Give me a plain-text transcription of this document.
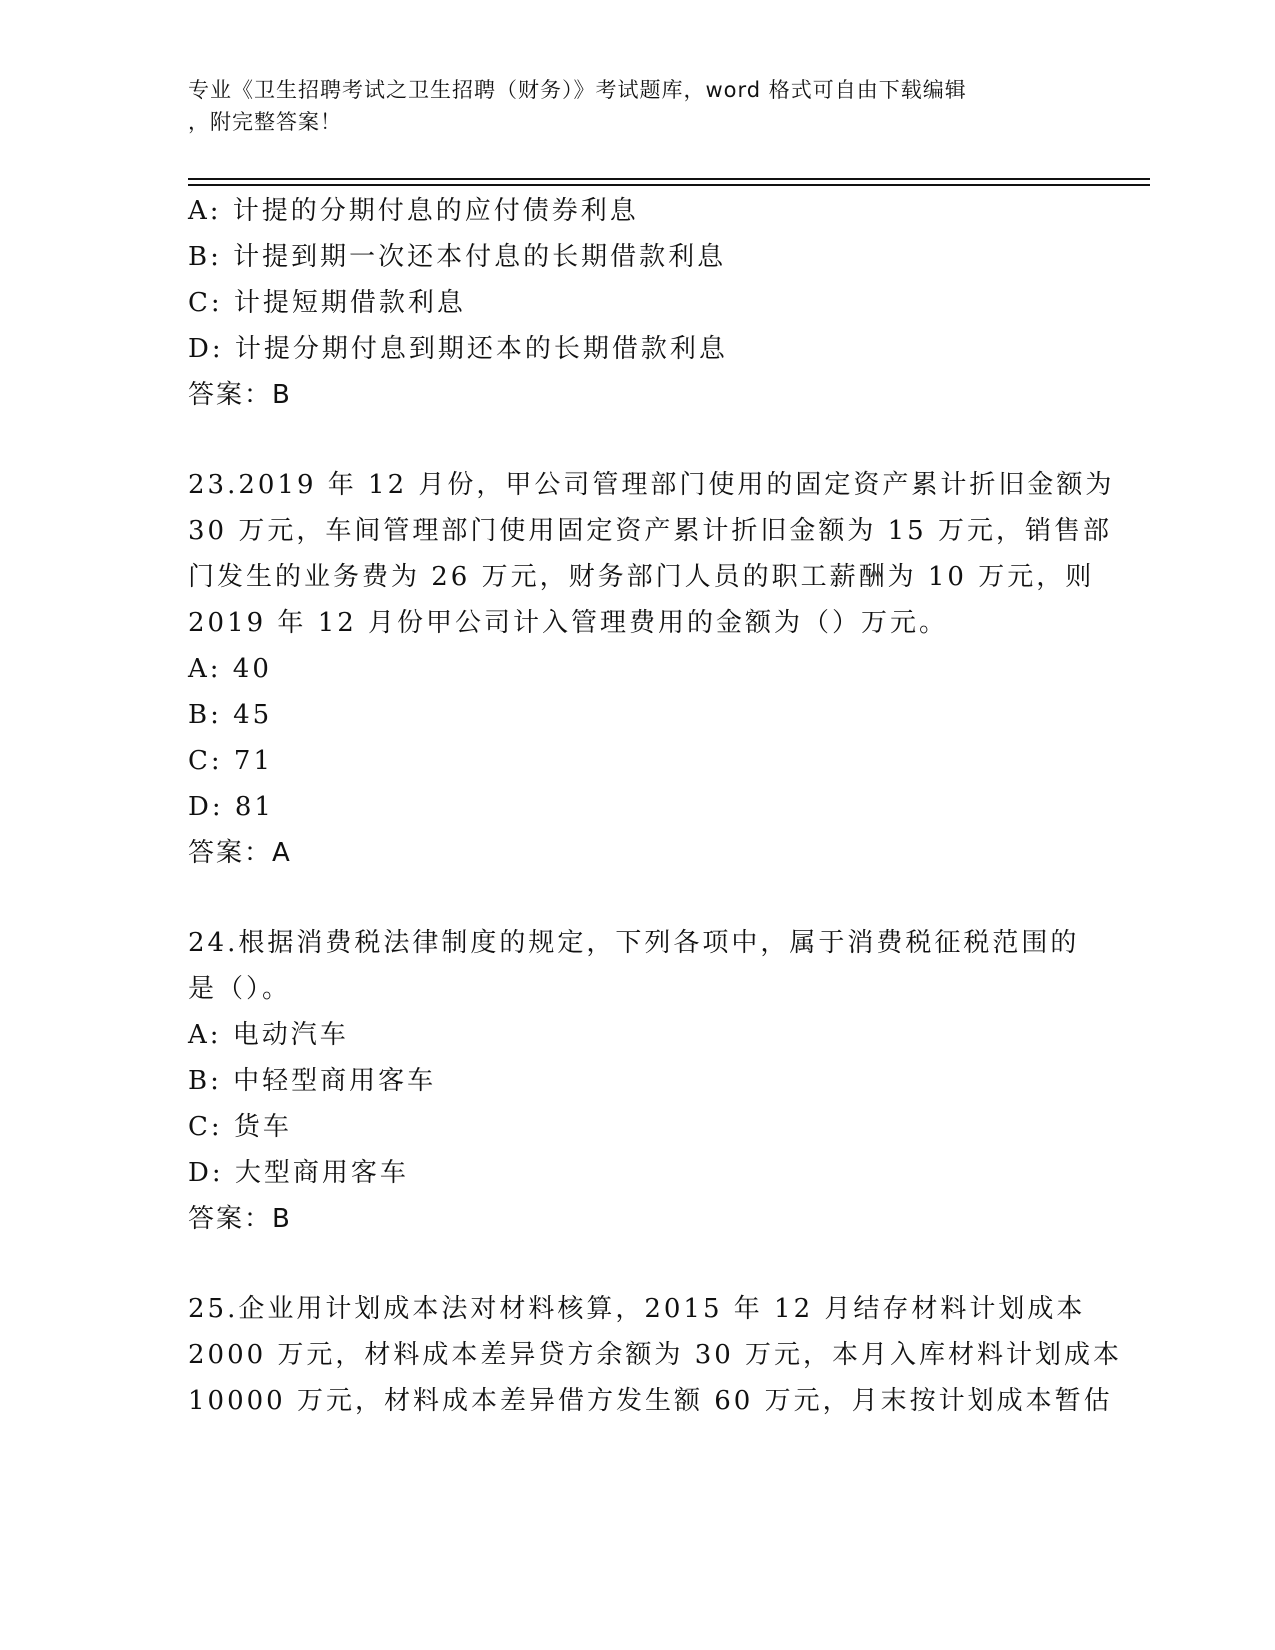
专业《卫生招聘考试之卫生招聘（财务）》考试题库，word 格式可自由下载编辑
，附完整答案！
A: 计提的分期付息的应付债券利息
B: 计提到期一次还本付息的长期借款利息
C: 计提短期借款利息
D: 计提分期付息到期还本的长期借款利息
答案：B
23.2019 年 12 月份，甲公司管理部门使用的固定资产累计折旧金额为
30 万元，车间管理部门使用固定资产累计折旧金额为 15 万元，销售部
门发生的业务费为 26 万元，财务部门人员的职工薪酬为 10 万元，则
2019 年 12 月份甲公司计入管理费用的金额为（）万元。
A: 40
B: 45
C: 71
D: 81
答案：A
24.根据消费税法律制度的规定，下列各项中，属于消费税征税范围的
是（）。
A: 电动汽车
B: 中轻型商用客车
C: 货车
D: 大型商用客车
答案：B
25.企业用计划成本法对材料核算，2015 年 12 月结存材料计划成本
2000 万元，材料成本差异贷方余额为 30 万元，本月入库材料计划成本
10000 万元，材料成本差异借方发生额 60 万元，月末按计划成本暂估
